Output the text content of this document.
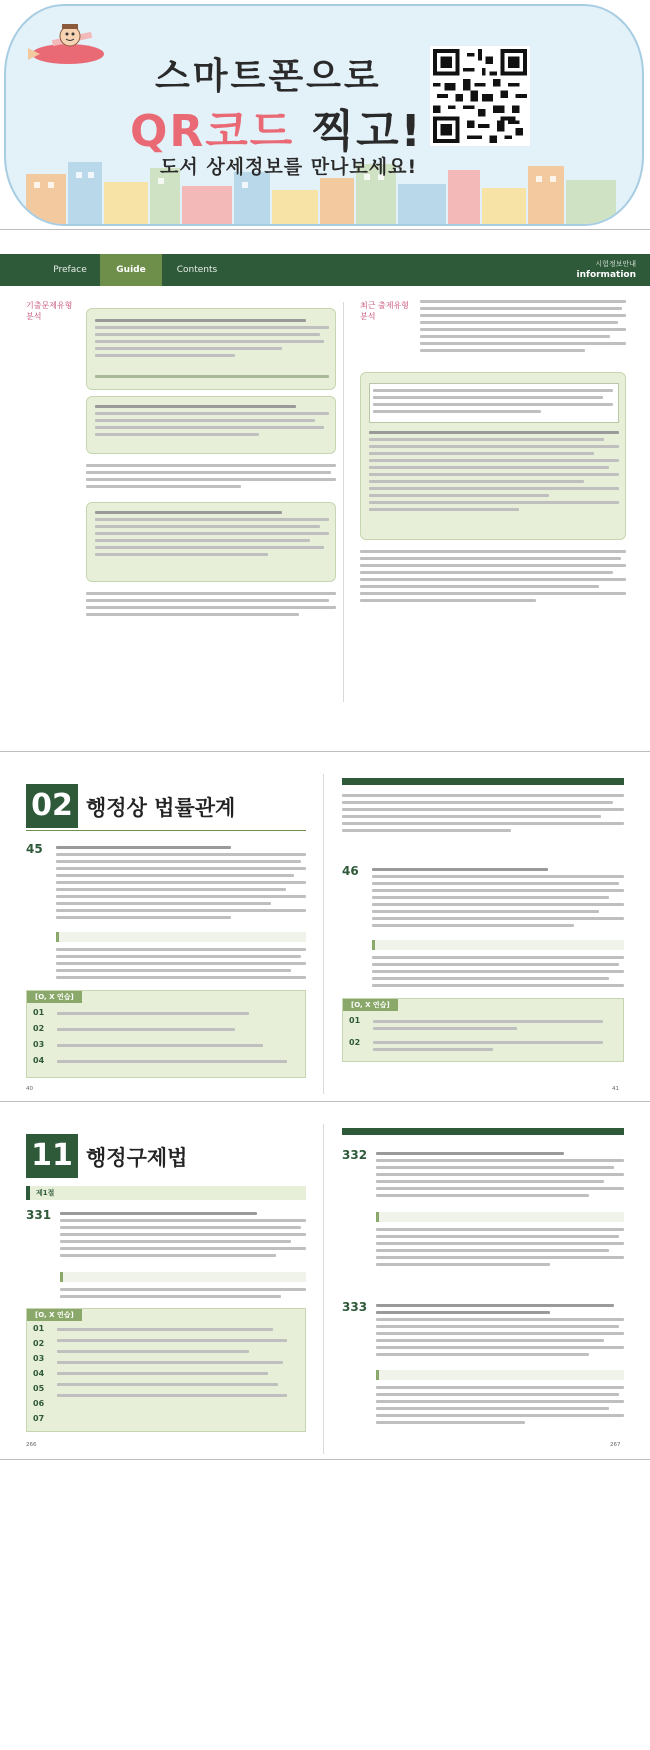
스마트폰으로
QR코드 찍고!
도서 상세정보를 만나보세요!
Preface	Guide	Contents
시험정보안내
information
기출문제유형
분석
최근 출제유형
분석
02 행정상 법률관계
45
[O, X 연습]
01
02
03
04
40
46
[O, X 연습]
01
02
41
11 행정구제법
제1절
331
[O, X 연습]
01
02
03
04
05
06
07
266
332
333
267
